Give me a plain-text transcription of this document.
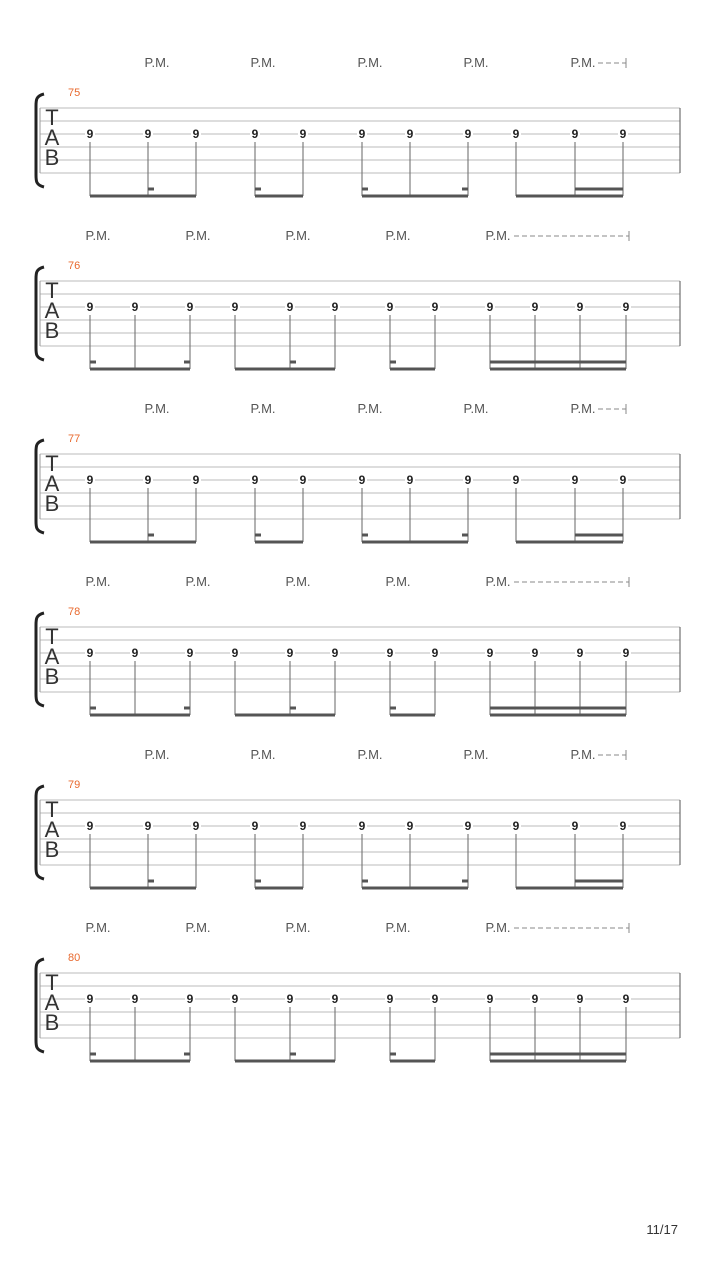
P.M.	P.M.	P.M.	P.M.	P.M.
75
T
A
B
9	9	9	9	9	9	9	9	9	9	9
P.M.	P.M.	P.M.	P.M.	P.M.
76
T
A
B
9	9	9	9	9	9	9	9	9	9	9	9
P.M.	P.M.	P.M.	P.M.	P.M.
77
T
A
B
9	9	9	9	9	9	9	9	9	9	9
P.M.	P.M.	P.M.	P.M.	P.M.
78
T
A
B
9	9	9	9	9	9	9	9	9	9	9	9
P.M.	P.M.	P.M.	P.M.	P.M.
79
T
A
B
9	9	9	9	9	9	9	9	9	9	9
P.M.	P.M.	P.M.	P.M.	P.M.
80
T
A
B
9	9	9	9	9	9	9	9	9	9	9	9
11/17
